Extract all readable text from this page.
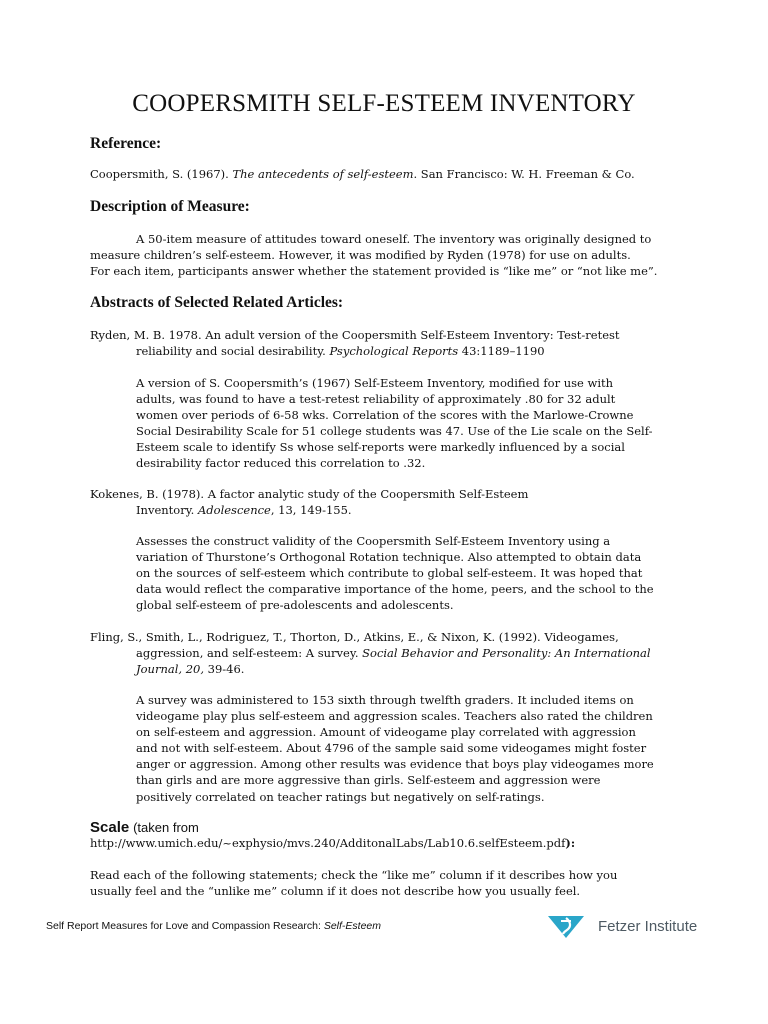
COOPERSMITH SELF-ESTEEM INVENTORY
Reference:
Coopersmith, S. (1967). The antecedents of self-esteem. San Francisco: W. H. Freeman & Co.
Description of Measure:
A 50-item measure of attitudes toward oneself. The inventory was originally designed to
measure children’s self-esteem. However, it was modified by Ryden (1978) for use on adults.
For each item, participants answer whether the statement provided is “like me” or “not like me”.
Abstracts of Selected Related Articles:
Ryden, M. B. 1978. An adult version of the Coopersmith Self-Esteem Inventory: Test-retest
reliability and social desirability. Psychological Reports 43:1189–1190
A version of S. Coopersmith’s (1967) Self-Esteem Inventory, modified for use with
adults, was found to have a test-retest reliability of approximately .80 for 32 adult
women over periods of 6-58 wks. Correlation of the scores with the Marlowe-Crowne
Social Desirability Scale for 51 college students was 47. Use of the Lie scale on the Self-
Esteem scale to identify Ss whose self-reports were markedly influenced by a social
desirability factor reduced this correlation to .32.
Kokenes, B. (1978). A factor analytic study of the Coopersmith Self-Esteem
Inventory. Adolescence, 13, 149-155.
Assesses the construct validity of the Coopersmith Self-Esteem Inventory using a
variation of Thurstone’s Orthogonal Rotation technique. Also attempted to obtain data
on the sources of self-esteem which contribute to global self-esteem. It was hoped that
data would reflect the comparative importance of the home, peers, and the school to the
global self-esteem of pre-adolescents and adolescents.
Fling, S., Smith, L., Rodriguez, T., Thorton, D., Atkins, E., & Nixon, K. (1992). Videogames,
aggression, and self-esteem: A survey. Social Behavior and Personality: An International
Journal, 20, 39-46.
A survey was administered to 153 sixth through twelfth graders. It included items on
videogame play plus self-esteem and aggression scales. Teachers also rated the children
on self-esteem and aggression. Amount of videogame play correlated with aggression
and not with self-esteem. About 4796 of the sample said some videogames might foster
anger or aggression. Among other results was evidence that boys play videogames more
than girls and are more aggressive than girls. Self-esteem and aggression were
positively correlated on teacher ratings but negatively on self-ratings.
Scale (taken from
http://www.umich.edu/~exphysio/mvs.240/AdditonalLabs/Lab10.6.selfEsteem.pdf):
Read each of the following statements; check the “like me” column if it describes how you
usually feel and the “unlike me” column if it does not describe how you usually feel.
Self Report Measures for Love and Compassion Research: Self-Esteem	Fetzer Institute
